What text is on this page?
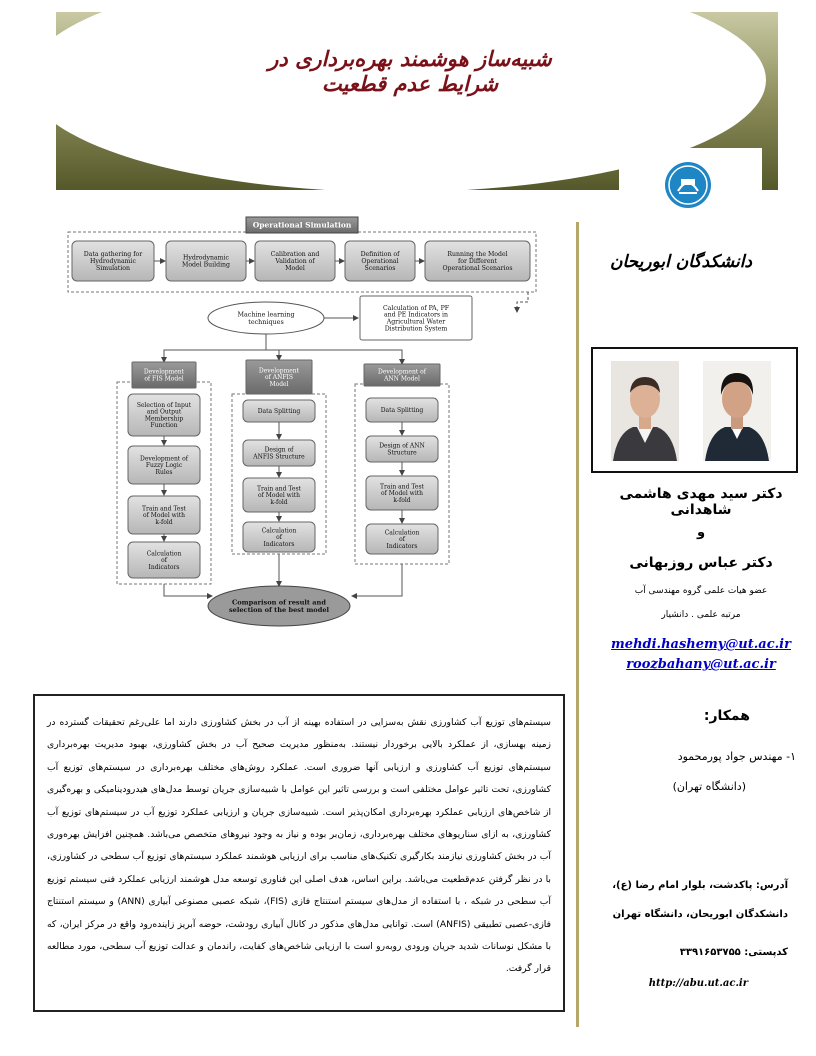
شبیه‌ساز هوشمند بهره‌برداری در شرایط عدم قطعیت
دانشکدگان ابوریحان
دکتر سید مهدی هاشمی شاهدانی
و
دکتر عباس روزبهانی
عضو هیات علمی گروه مهندسی آب
مرتبه علمی . دانشیار
mehdi.hashemy@ut.ac.ir
roozbahany@ut.ac.ir
همکار:
۱- مهندس جواد پورمحمود
(دانشگاه تهران)
آدرس: پاکدشت، بلوار امام رضا (ع)،
دانشکدگان ابوریحان، دانشگاه تهران
کدپستی: ۳۳۹۱۶۵۳۷۵۵
http://abu.ut.ac.ir
سیستم‌های توزیع آب کشاورزی نقش به‌سزایی در استفاده بهینه از آب در بخش کشاورزی دارند اما علی‌رغم تحقیقات گسترده در زمینه بهسازی، از عملکرد بالایی برخوردار نیستند. به‌منظور مدیریت صحیح آب در بخش کشاورزی، بهبود مدیریت بهره‌برداری سیستم‌های توزیع آب کشاورزی و ارزیابی آنها ضروری است. عملکرد روش‌های مختلف بهره‌برداری در سیستم‌های توزیع آب کشاورزی، تحت تاثیر عوامل مختلفی است و بررسی تاثیر این عوامل با شبیه‌سازی جریان توسط مدل‌های هیدرودینامیکی و بهره‌گیری از شاخص‌های ارزیابی عملکرد بهره‌برداری امکان‌پذیر است. شبیه‌سازی جریان و ارزیابی عملکرد توزیع آب در سیستم‌های توزیع آب کشاورزی، به ازای سناریوهای مختلف بهره‌برداری، زمان‌بر بوده و نیاز به وجود نیروهای متخصص می‌باشد. همچنین افزایش بهره‌وری آب در بخش کشاورزی نیازمند بکارگیری تکنیک‌های مناسب برای ارزیابی هوشمند عملکرد سیستم‌های توزیع آب سطحی در کشاورزی، با در نظر گرفتن عدم‌قطعیت می‌باشد. براین اساس، هدف اصلی این فناوری توسعه مدل هوشمند ارزیابی عملکرد فنی سیستم توزیع آب سطحی در شبکه ، با استفاده از مدل‌های سیستم استنتاج فازی (FIS)، شبکه عصبی مصنوعی آبیاری (ANN) و سیستم استنتاج فازی-عصبی تطبیقی (ANFIS) است. توانایی مدل‌های مذکور در کانال آبیاری رودشت، حوضه آبریز زاینده‌رود واقع در مرکز ایران، که با مشکل نوسانات شدید جریان ورودی روبه‌رو است با ارزیابی شاخص‌های کفایت، راندمان و عدالت توزیع آب سطحی، مورد مطالعه قرار گرفت.
Operational Simulation
Data gathering for Hydrodynamic Simulation
Hydrodynamic Model Building
Calibration and Validation of Model
Definition of Operational Scenarios
Running the Model for Different Operational Scenarios
Calculation of PA, PF and PE Indicators in Agricultural Water Distribution System
Machine learning techniques
Development of FIS Model
Development of ANFIS Model
Development of ANN Model
Selection of Input and Output Membership Function
Development of Fuzzy Logic Rules
Train and Test of Model with k-fold
Calculation of Indicators
Data Splitting
Design of ANFIS Structure
Train and Test of Model with k-fold
Calculation of Indicators
Data Splitting
Design of ANN Structure
Train and Test of Model with k-fold
Calculation of Indicators
Comparison of result and selection of the best model
